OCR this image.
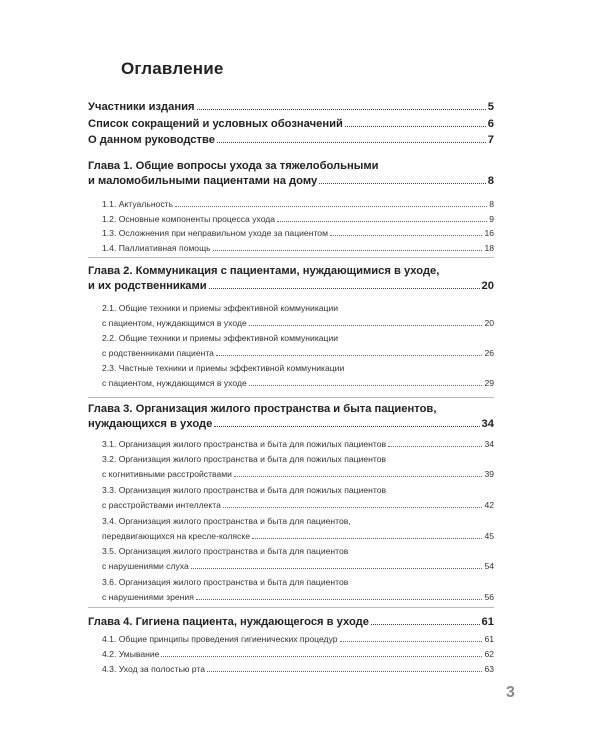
Оглавление
Участники издания	5
Список сокращений и условных обозначений	6
О данном руководстве	7
Глава 1. Общие вопросы ухода за тяжелобольными
и маломобильными пациентами на дому	8
1.1. Актуальность	8
1.2. Основные компоненты процесса ухода	9
1.3. Осложнения при неправильном уходе за пациентом	16
1.4. Паллиативная помощь	18
Глава 2. Коммуникация с пациентами, нуждающимися в уходе,
и их родственниками	20
2.1. Общие техники и приемы эффективной коммуникации
с пациентом, нуждающимся в уходе	20
2.2. Общие техники и приемы эффективной коммуникации
с родственниками пациента	26
2.3. Частные техники и приемы эффективной коммуникации
с пациентом, нуждающимся в уходе	29
Глава 3. Организация жилого пространства и быта пациентов,
нуждающихся в уходе	34
3.1. Организация жилого пространства и быта для пожилых пациентов	34
3.2. Организация жилого пространства и быта для пожилых пациентов
с когнитивными расстройствами	39
3.3. Организация жилого пространства и быта для пожилых пациентов
с расстройствами интеллекта	42
3.4. Организация жилого пространства и быта для пациентов,
передвигающихся на кресле-коляске	45
3.5. Организация жилого пространства и быта для пациентов
с нарушениями слуха	54
3.6. Организация жилого пространства и быта для пациентов
с нарушениями зрения	56
Глава 4. Гигиена пациента, нуждающегося в уходе	61
4.1. Общие принципы проведения гигиенических процедур	61
4.2. Умывание	62
4.3. Уход за полостью рта	63
3
